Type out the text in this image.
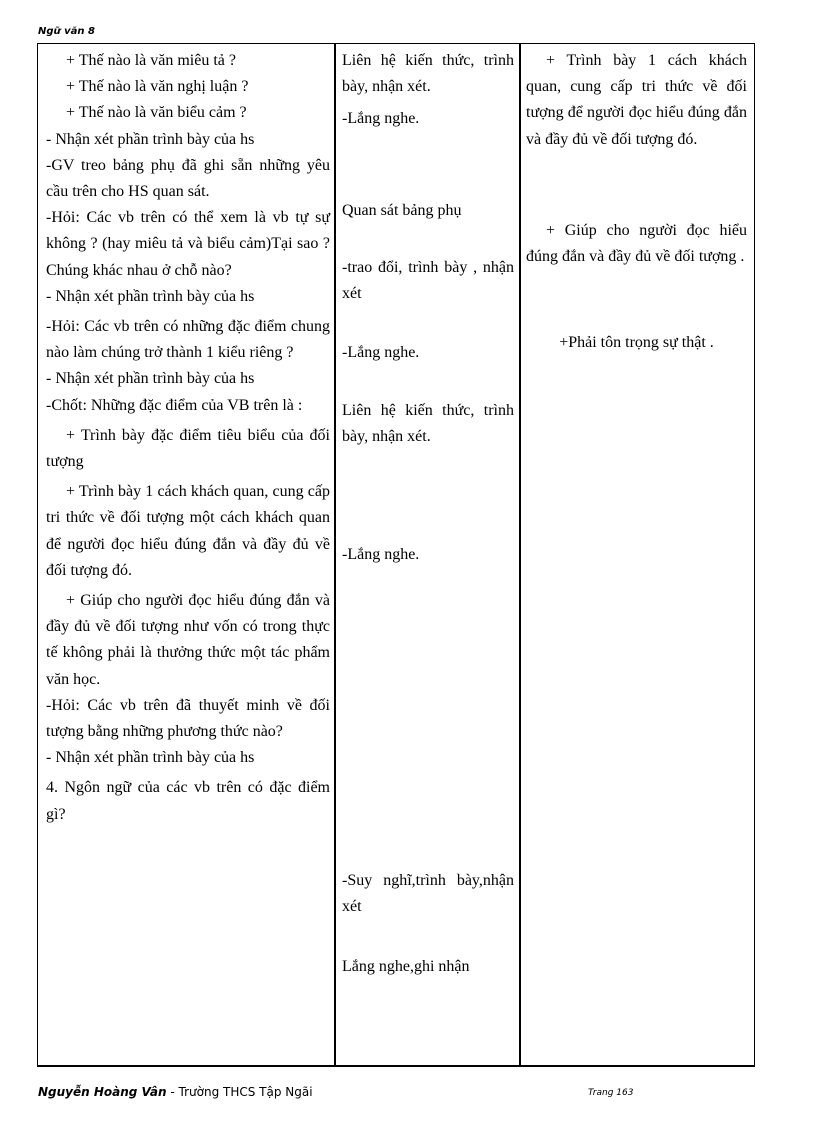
Ngữ văn 8

+ Thế nào là văn miêu tả ?

+ Thế nào là văn nghị luận ?

+ Thế nào là văn biểu cảm ?

- Nhận xét phần trình bày của hs

-GV treo bảng phụ đã ghi sẵn những yêu cầu trên cho HS quan sát.

-Hỏi: Các vb trên có thể xem là vb tự sự không ? (hay miêu tả và biểu cảm)Tại sao ? Chúng khác nhau ở chỗ nào?

- Nhận xét phần trình bày của hs

-Hỏi: Các vb trên có những đặc điểm chung nào làm chúng trở thành 1 kiểu riêng ?

- Nhận xét phần trình bày của hs

-Chốt: Những đặc điểm của VB trên là :

+ Trình bày đặc điểm tiêu biểu của đối tượng

+ Trình bày 1 cách khách quan, cung cấp tri thức về đối tượng một cách khách quan để người đọc hiểu đúng đắn và đầy đủ về đối tượng đó.

+ Giúp cho người đọc hiểu đúng đắn và đầy đủ về đối tượng như vốn có trong thực tế không phải là thưởng thức một tác phẩm văn học.

-Hỏi: Các vb trên đã thuyết minh về đối tượng bằng những phương thức nào?

- Nhận xét phần trình bày của hs

4. Ngôn ngữ của các vb trên có đặc điểm gì?

Liên hệ kiến thức, trình bày, nhận xét.

-Lắng nghe.

Quan sát bảng phụ

-trao đổi, trình bày , nhận xét

-Lắng nghe.

Liên hệ kiến thức, trình bày, nhận xét.

-Lắng nghe.

-Suy nghĩ,trình bày,nhận xét

Lắng nghe,ghi nhận

+ Trình bày 1 cách khách quan, cung cấp tri thức về đối tượng để người đọc hiểu đúng đắn và đầy đủ về đối tượng đó.

+ Giúp cho người đọc hiểu đúng đắn và đầy đủ về đối tượng .

+Phải tôn trọng sự thật .

Nguyễn Hoàng Vân - Trường THCS Tập Ngãi	Trang 163
